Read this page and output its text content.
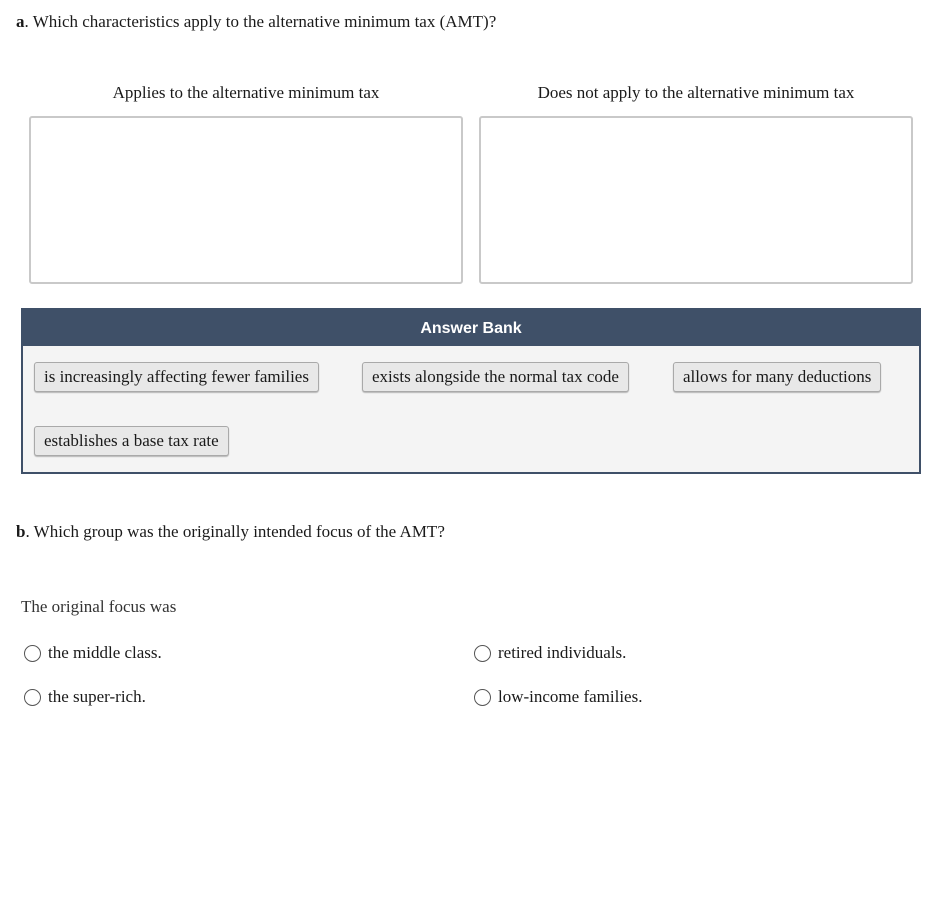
a. Which characteristics apply to the alternative minimum tax (AMT)?
Applies to the alternative minimum tax	Does not apply to the alternative minimum tax
Answer Bank
is increasingly affecting fewer families	exists alongside the normal tax code	allows for many deductions
establishes a base tax rate
b. Which group was the originally intended focus of the AMT?
The original focus was
the middle class.	retired individuals.
the super-rich.	low-income families.
